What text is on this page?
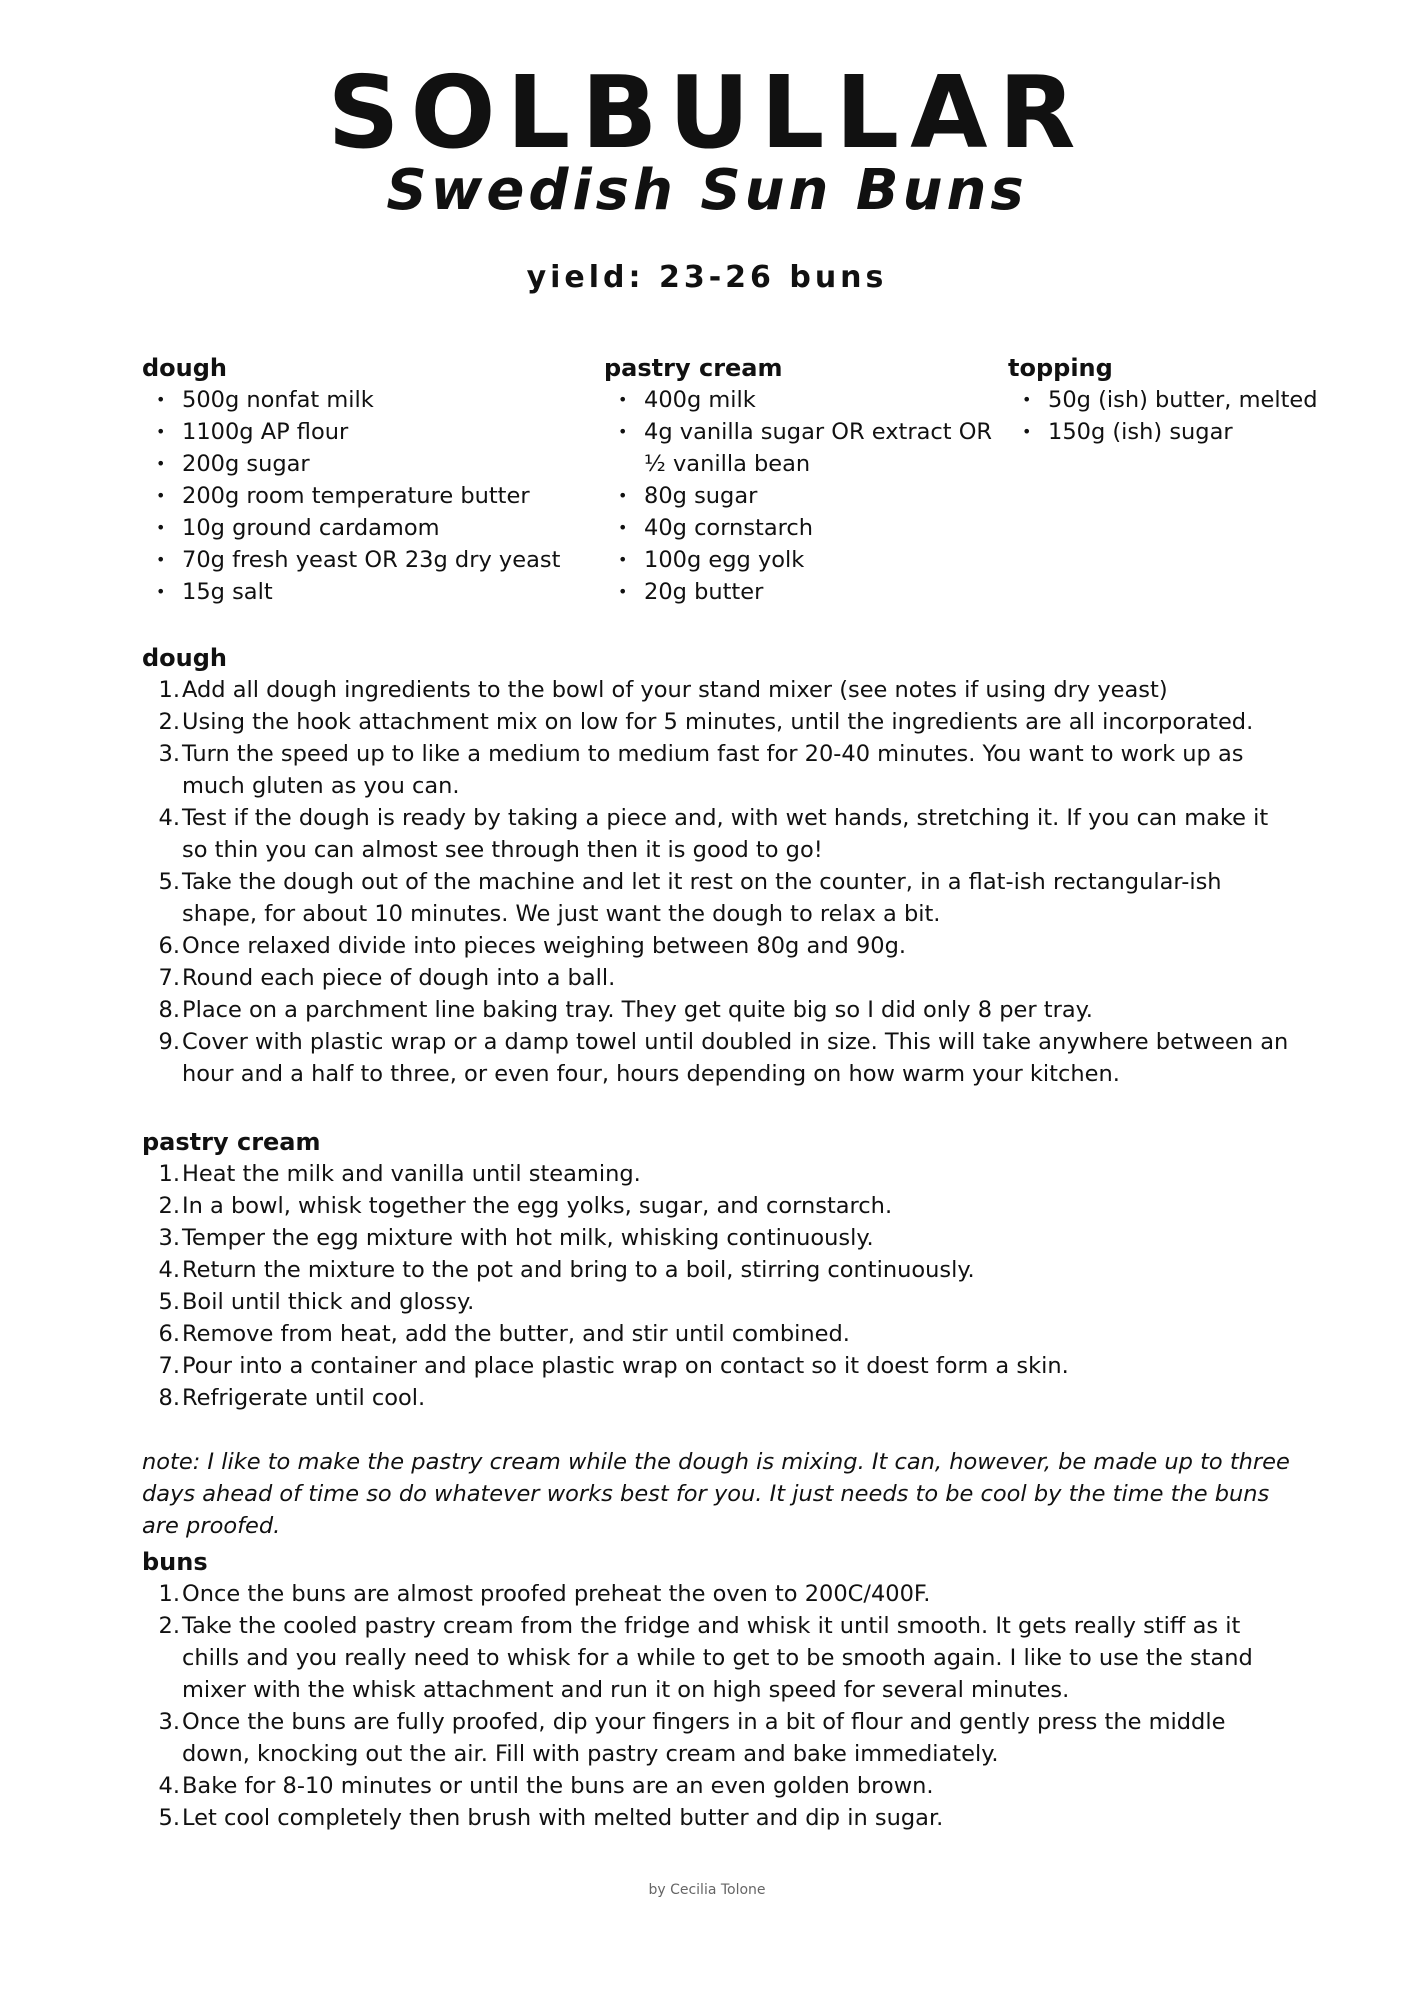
SOLBULLAR
Swedish Sun Buns
yield: 23-26 buns
dough
• 500g nonfat milk
• 1100g AP flour
• 200g sugar
• 200g room temperature butter
• 10g ground cardamom
• 70g fresh yeast OR 23g dry yeast
• 15g salt
pastry cream
• 400g milk
• 4g vanilla sugar OR extract OR ½ vanilla bean
• 80g sugar
• 40g cornstarch
• 100g egg yolk
• 20g butter
topping
• 50g (ish) butter, melted
• 150g (ish) sugar
dough
1. Add all dough ingredients to the bowl of your stand mixer (see notes if using dry yeast)
2. Using the hook attachment mix on low for 5 minutes, until the ingredients are all incorporated.
3. Turn the speed up to like a medium to medium fast for 20-40 minutes. You want to work up as much gluten as you can.
4. Test if the dough is ready by taking a piece and, with wet hands, stretching it. If you can make it so thin you can almost see through then it is good to go!
5. Take the dough out of the machine and let it rest on the counter, in a flat-ish rectangular-ish shape, for about 10 minutes. We just want the dough to relax a bit.
6. Once relaxed divide into pieces weighing between 80g and 90g.
7. Round each piece of dough into a ball.
8. Place on a parchment line baking tray. They get quite big so I did only 8 per tray.
9. Cover with plastic wrap or a damp towel until doubled in size. This will take anywhere between an hour and a half to three, or even four, hours depending on how warm your kitchen.
pastry cream
1. Heat the milk and vanilla until steaming.
2. In a bowl, whisk together the egg yolks, sugar, and cornstarch.
3. Temper the egg mixture with hot milk, whisking continuously.
4. Return the mixture to the pot and bring to a boil, stirring continuously.
5. Boil until thick and glossy.
6. Remove from heat, add the butter, and stir until combined.
7. Pour into a container and place plastic wrap on contact so it doest form a skin.
8. Refrigerate until cool.

note: I like to make the pastry cream while the dough is mixing. It can, however, be made up to three days ahead of time so do whatever works best for you. It just needs to be cool by the time the buns are proofed.

buns
1. Once the buns are almost proofed preheat the oven to 200C/400F.
2. Take the cooled pastry cream from the fridge and whisk it until smooth. It gets really stiff as it chills and you really need to whisk for a while to get to be smooth again. I like to use the stand mixer with the whisk attachment and run it on high speed for several minutes.
3. Once the buns are fully proofed, dip your fingers in a bit of flour and gently press the middle down, knocking out the air. Fill with pastry cream and bake immediately.
4. Bake for 8-10 minutes or until the buns are an even golden brown.
5. Let cool completely then brush with melted butter and dip in sugar.
by Cecilia Tolone
